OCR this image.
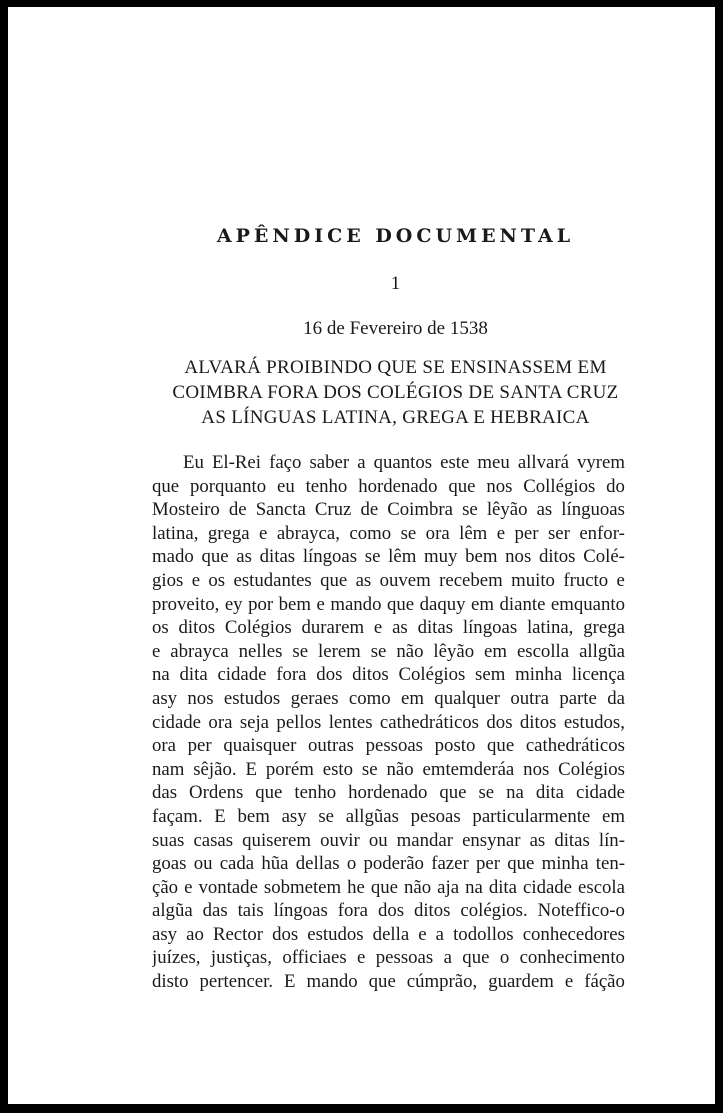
APÊNDICE DOCUMENTAL
1
16 de Fevereiro de 1538
ALVARÁ PROIBINDO QUE SE ENSINASSEM EM
COIMBRA FORA DOS COLÉGIOS DE SANTA CRUZ
AS LÍNGUAS LATINA, GREGA E HEBRAICA
Eu El-Rei faço saber a quantos este meu allvará vyrem
que porquanto eu tenho hordenado que nos Collégios do
Mosteiro de Sancta Cruz de Coimbra se lêyão as línguoas
latina, grega e abrayca, como se ora lêm e per ser enfor-
mado que as ditas língoas se lêm muy bem nos ditos Colé-
gios e os estudantes que as ouvem recebem muito fructo e
proveito, ey por bem e mando que daquy em diante emquanto
os ditos Colégios durarem e as ditas língoas latina, grega
e abrayca nelles se lerem se não lêyão em escolla allgũa
na dita cidade fora dos ditos Colégios sem minha licença
asy nos estudos geraes como em qualquer outra parte da
cidade ora seja pellos lentes cathedráticos dos ditos estudos,
ora per quaisquer outras pessoas posto que cathedráticos
nam sêjão. E porém esto se não emtemderáa nos Colégios
das Ordens que tenho hordenado que se na dita cidade
façam. E bem asy se allgũas pesoas particularmente em
suas casas quiserem ouvir ou mandar ensynar as ditas lín-
goas ou cada hũa dellas o poderão fazer per que minha ten-
ção e vontade sobmetem he que não aja na dita cidade escola
algũa das tais língoas fora dos ditos colégios. Noteffico-o
asy ao Rector dos estudos della e a todollos conhecedores
juízes, justiças, officiaes e pessoas a que o conhecimento
disto pertencer. E mando que cúmprão, guardem e fáção
